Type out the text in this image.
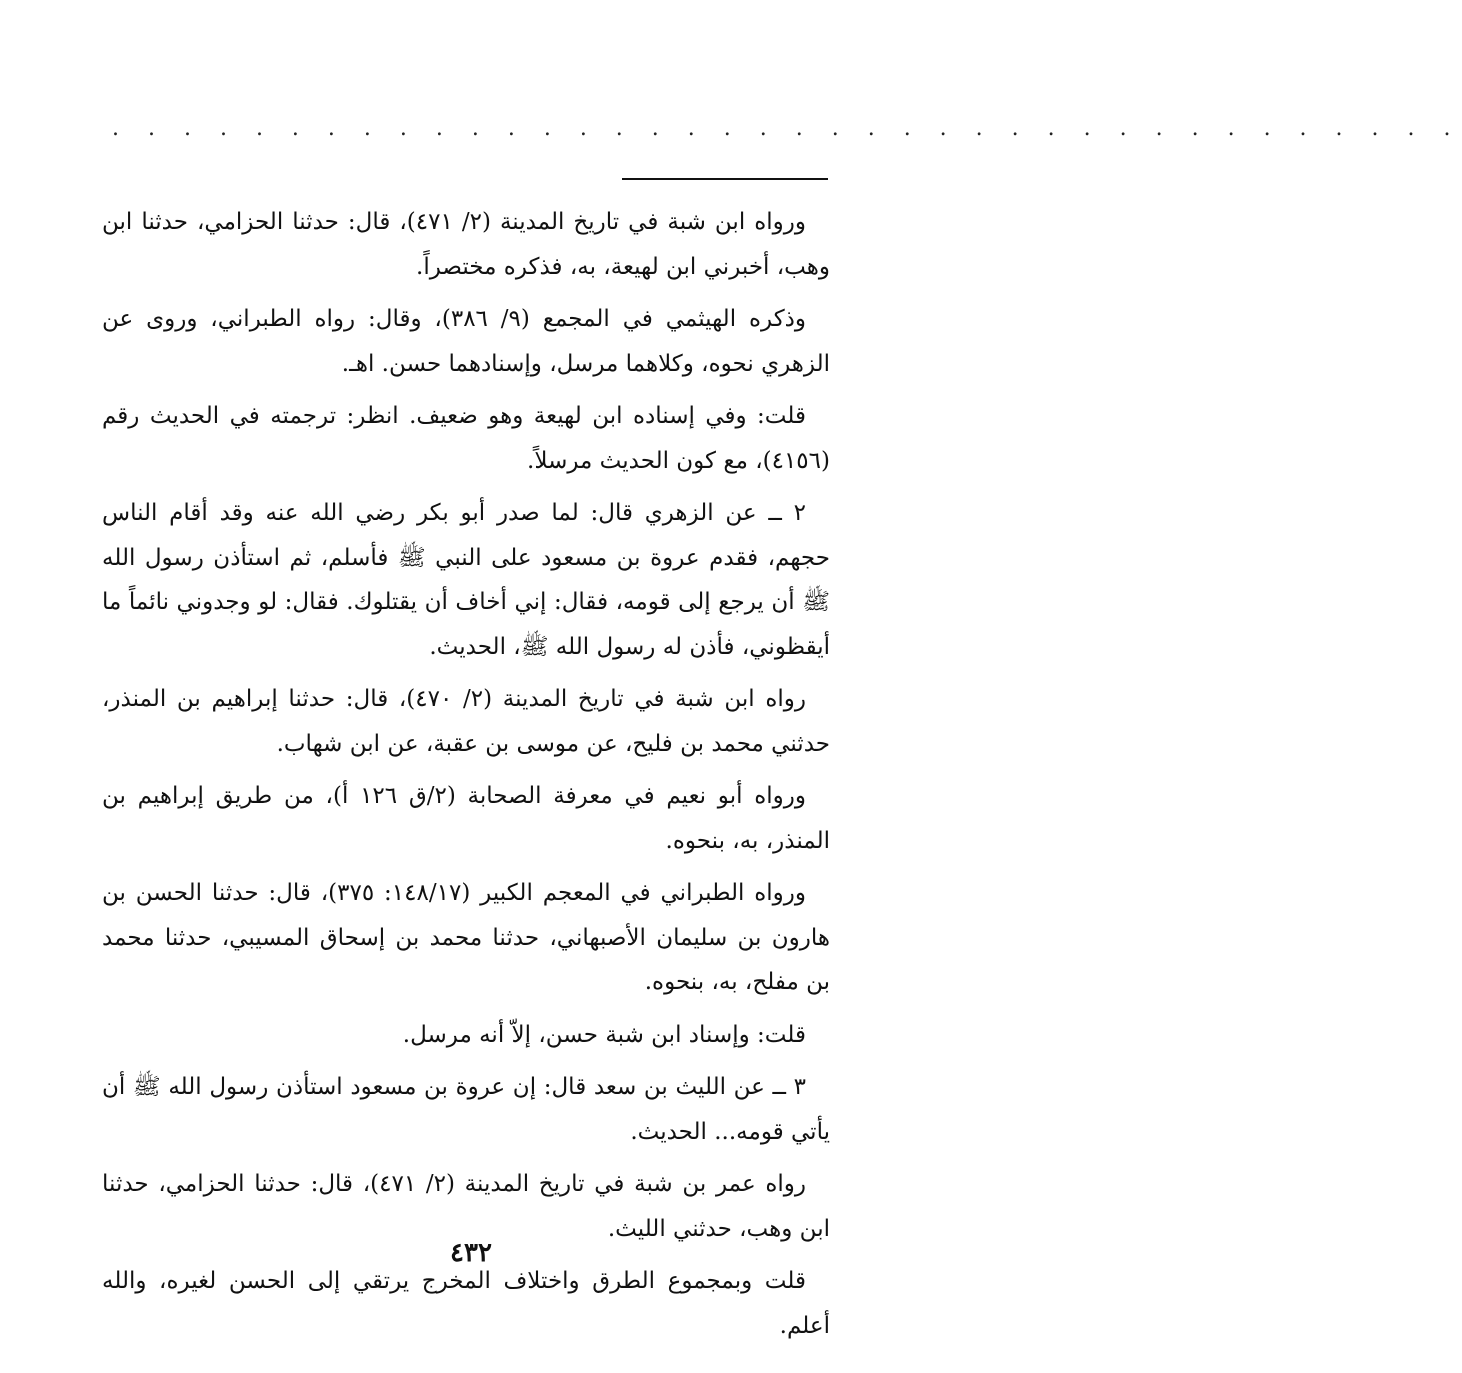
. . . . . . . . . . . . . . . . . . . . . . . . . . . . . . . . . . . . . .

ورواه ابن شبة في تاريخ المدينة (٢/ ٤٧١)، قال: حدثنا الحزامي، حدثنا ابن وهب، أخبرني ابن لهيعة، به، فذكره مختصراً.

وذكره الهيثمي في المجمع (٩/ ٣٨٦)، وقال: رواه الطبراني، وروى عن الزهري نحوه، وكلاهما مرسل، وإسنادهما حسن. اهـ.

قلت: وفي إسناده ابن لهيعة وهو ضعيف. انظر: ترجمته في الحديث رقم (٤١٥٦)، مع كون الحديث مرسلاً.

٢ ــ عن الزهري قال: لما صدر أبو بكر رضي الله عنه وقد أقام الناس حجهم، فقدم عروة بن مسعود على النبي ﷺ فأسلم، ثم استأذن رسول الله ﷺ أن يرجع إلى قومه، فقال: إني أخاف أن يقتلوك. فقال: لو وجدوني نائماً ما أيقظوني، فأذن له رسول الله ﷺ، الحديث.

رواه ابن شبة في تاريخ المدينة (٢/ ٤٧٠)، قال: حدثنا إبراهيم بن المنذر، حدثني محمد بن فليح، عن موسى بن عقبة، عن ابن شهاب.

ورواه أبو نعيم في معرفة الصحابة (٢/ق ١٢٦ أ)، من طريق إبراهيم بن المنذر، به، بنحوه.

ورواه الطبراني في المعجم الكبير (١٤٨/١٧: ٣٧٥)، قال: حدثنا الحسن بن هارون بن سليمان الأصبهاني، حدثنا محمد بن إسحاق المسيبي، حدثنا محمد بن مفلح، به، بنحوه.

قلت: وإسناد ابن شبة حسن، إلاّ أنه مرسل.

٣ ــ عن الليث بن سعد قال: إن عروة بن مسعود استأذن رسول الله ﷺ أن يأتي قومه... الحديث.

رواه عمر بن شبة في تاريخ المدينة (٢/ ٤٧١)، قال: حدثنا الحزامي، حدثنا ابن وهب، حدثني الليث.

قلت وبمجموع الطرق واختلاف المخرج يرتقي إلى الحسن لغيره، والله أعلم.

٤٣٢
